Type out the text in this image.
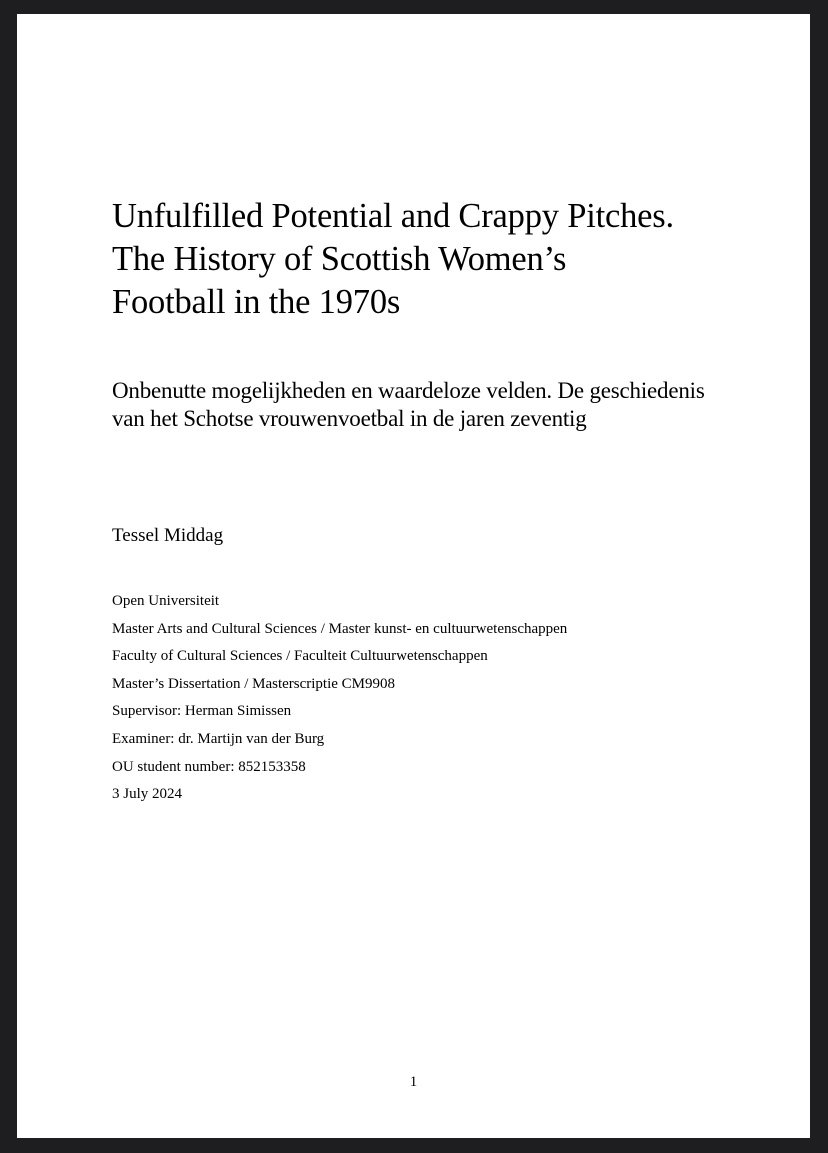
Unfulfilled Potential and Crappy Pitches.
The History of Scottish Women’s
Football in the 1970s
Onbenutte mogelijkheden en waardeloze velden. De geschiedenis
van het Schotse vrouwenvoetbal in de jaren zeventig

Tessel Middag

Open Universiteit
Master Arts and Cultural Sciences / Master kunst- en cultuurwetenschappen
Faculty of Cultural Sciences / Faculteit Cultuurwetenschappen
Master’s Dissertation / Masterscriptie CM9908
Supervisor: Herman Simissen
Examiner: dr. Martijn van der Burg
OU student number: 852153358
3 July 2024
1
